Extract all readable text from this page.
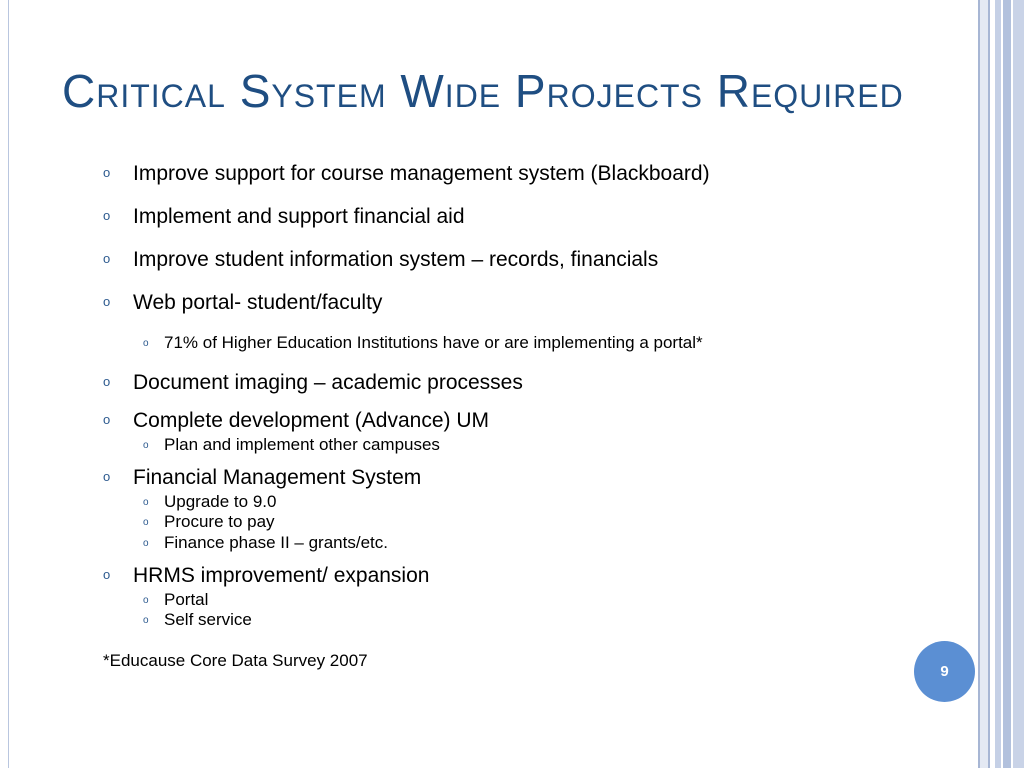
Critical System Wide Projects Required
o Improve support for course management system (Blackboard)
o Implement and support financial aid
o Improve student information system – records, financials
o Web portal- student/faculty
o 71% of Higher Education Institutions have or are implementing a portal*
o Document imaging – academic processes
o Complete development (Advance) UM
o Plan and implement other campuses
o Financial Management System
o Upgrade to 9.0
o Procure to pay
o Finance phase II – grants/etc.
o HRMS improvement/ expansion
o Portal
o Self service
*Educause Core Data Survey 2007
9
